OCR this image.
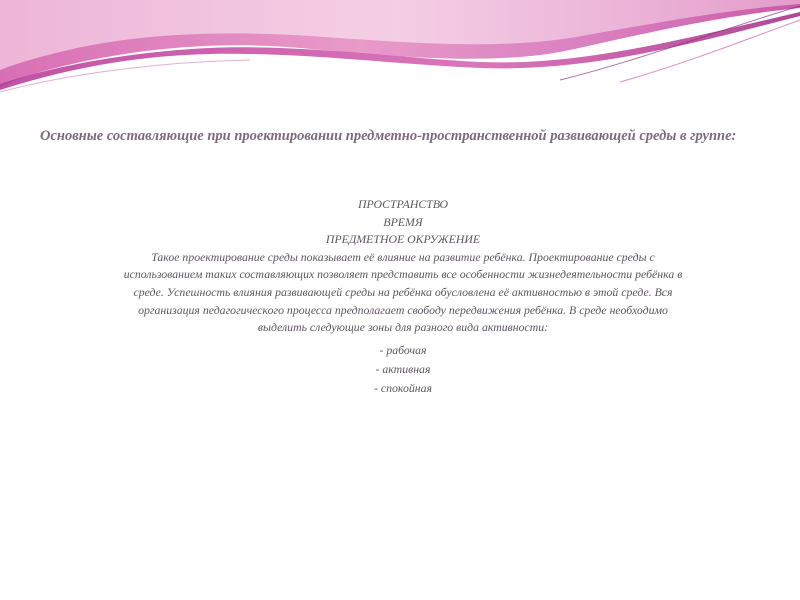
Основные составляющие при проектировании предметно-пространственной развивающей среды в группе:
ПРОСТРАНСТВО
ВРЕМЯ
ПРЕДМЕТНОЕ ОКРУЖЕНИЕ
Такое проектирование среды показывает её влияние на развитие ребёнка. Проектирование среды с использованием таких составляющих позволяет представить все особенности жизнедеятельности ребёнка в среде. Успешность влияния развивающей среды на ребёнка обусловлена её активностью в этой среде. Вся организация педагогического процесса предполагает свободу передвижения ребёнка. В среде необходимо выделить следующие зоны для разного вида активности:
- рабочая
- активная
- спокойная
